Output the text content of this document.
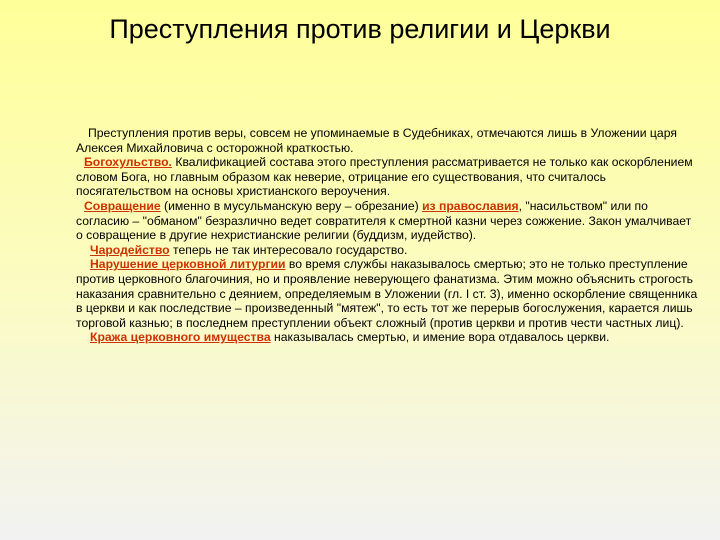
Преступления против религии и Церкви

Преступления против веры, совсем не упоминаемые в Судебниках, отмечаются лишь в Уложении царя Алексея Михайловича с осторожной краткостью.

Богохульство. Квалификацией состава этого преступления рассматривается не только как оскорблением словом Бога, но главным образом как неверие, отрицание его существования, что считалось посягательством на основы христианского вероучения.

Совращение (именно в мусульманскую веру – обрезание) из православия, "насильством" или по согласию – "обманом" безразлично ведет совратителя к смертной казни через сожжение. Закон умалчивает о совращение в другие нехристианские религии (буддизм, иудейство).

Чародейство теперь не так интересовало государство.

Нарушение церковной литургии во время службы наказывалось смертью; это не только преступление против церковного благочиния, но и проявление неверующего фанатизма. Этим можно объяснить строгость наказания сравнительно с деянием, определяемым в Уложении (гл. I ст. 3), именно оскорбление священника в церкви и как последствие – произведенный "мятеж", то есть тот же перерыв богослужения, карается лишь торговой казнью; в последнем преступлении объект сложный (против церкви и против чести частных лиц).

Кража церковного имущества наказывалась смертью, и имение вора отдавалось церкви.
